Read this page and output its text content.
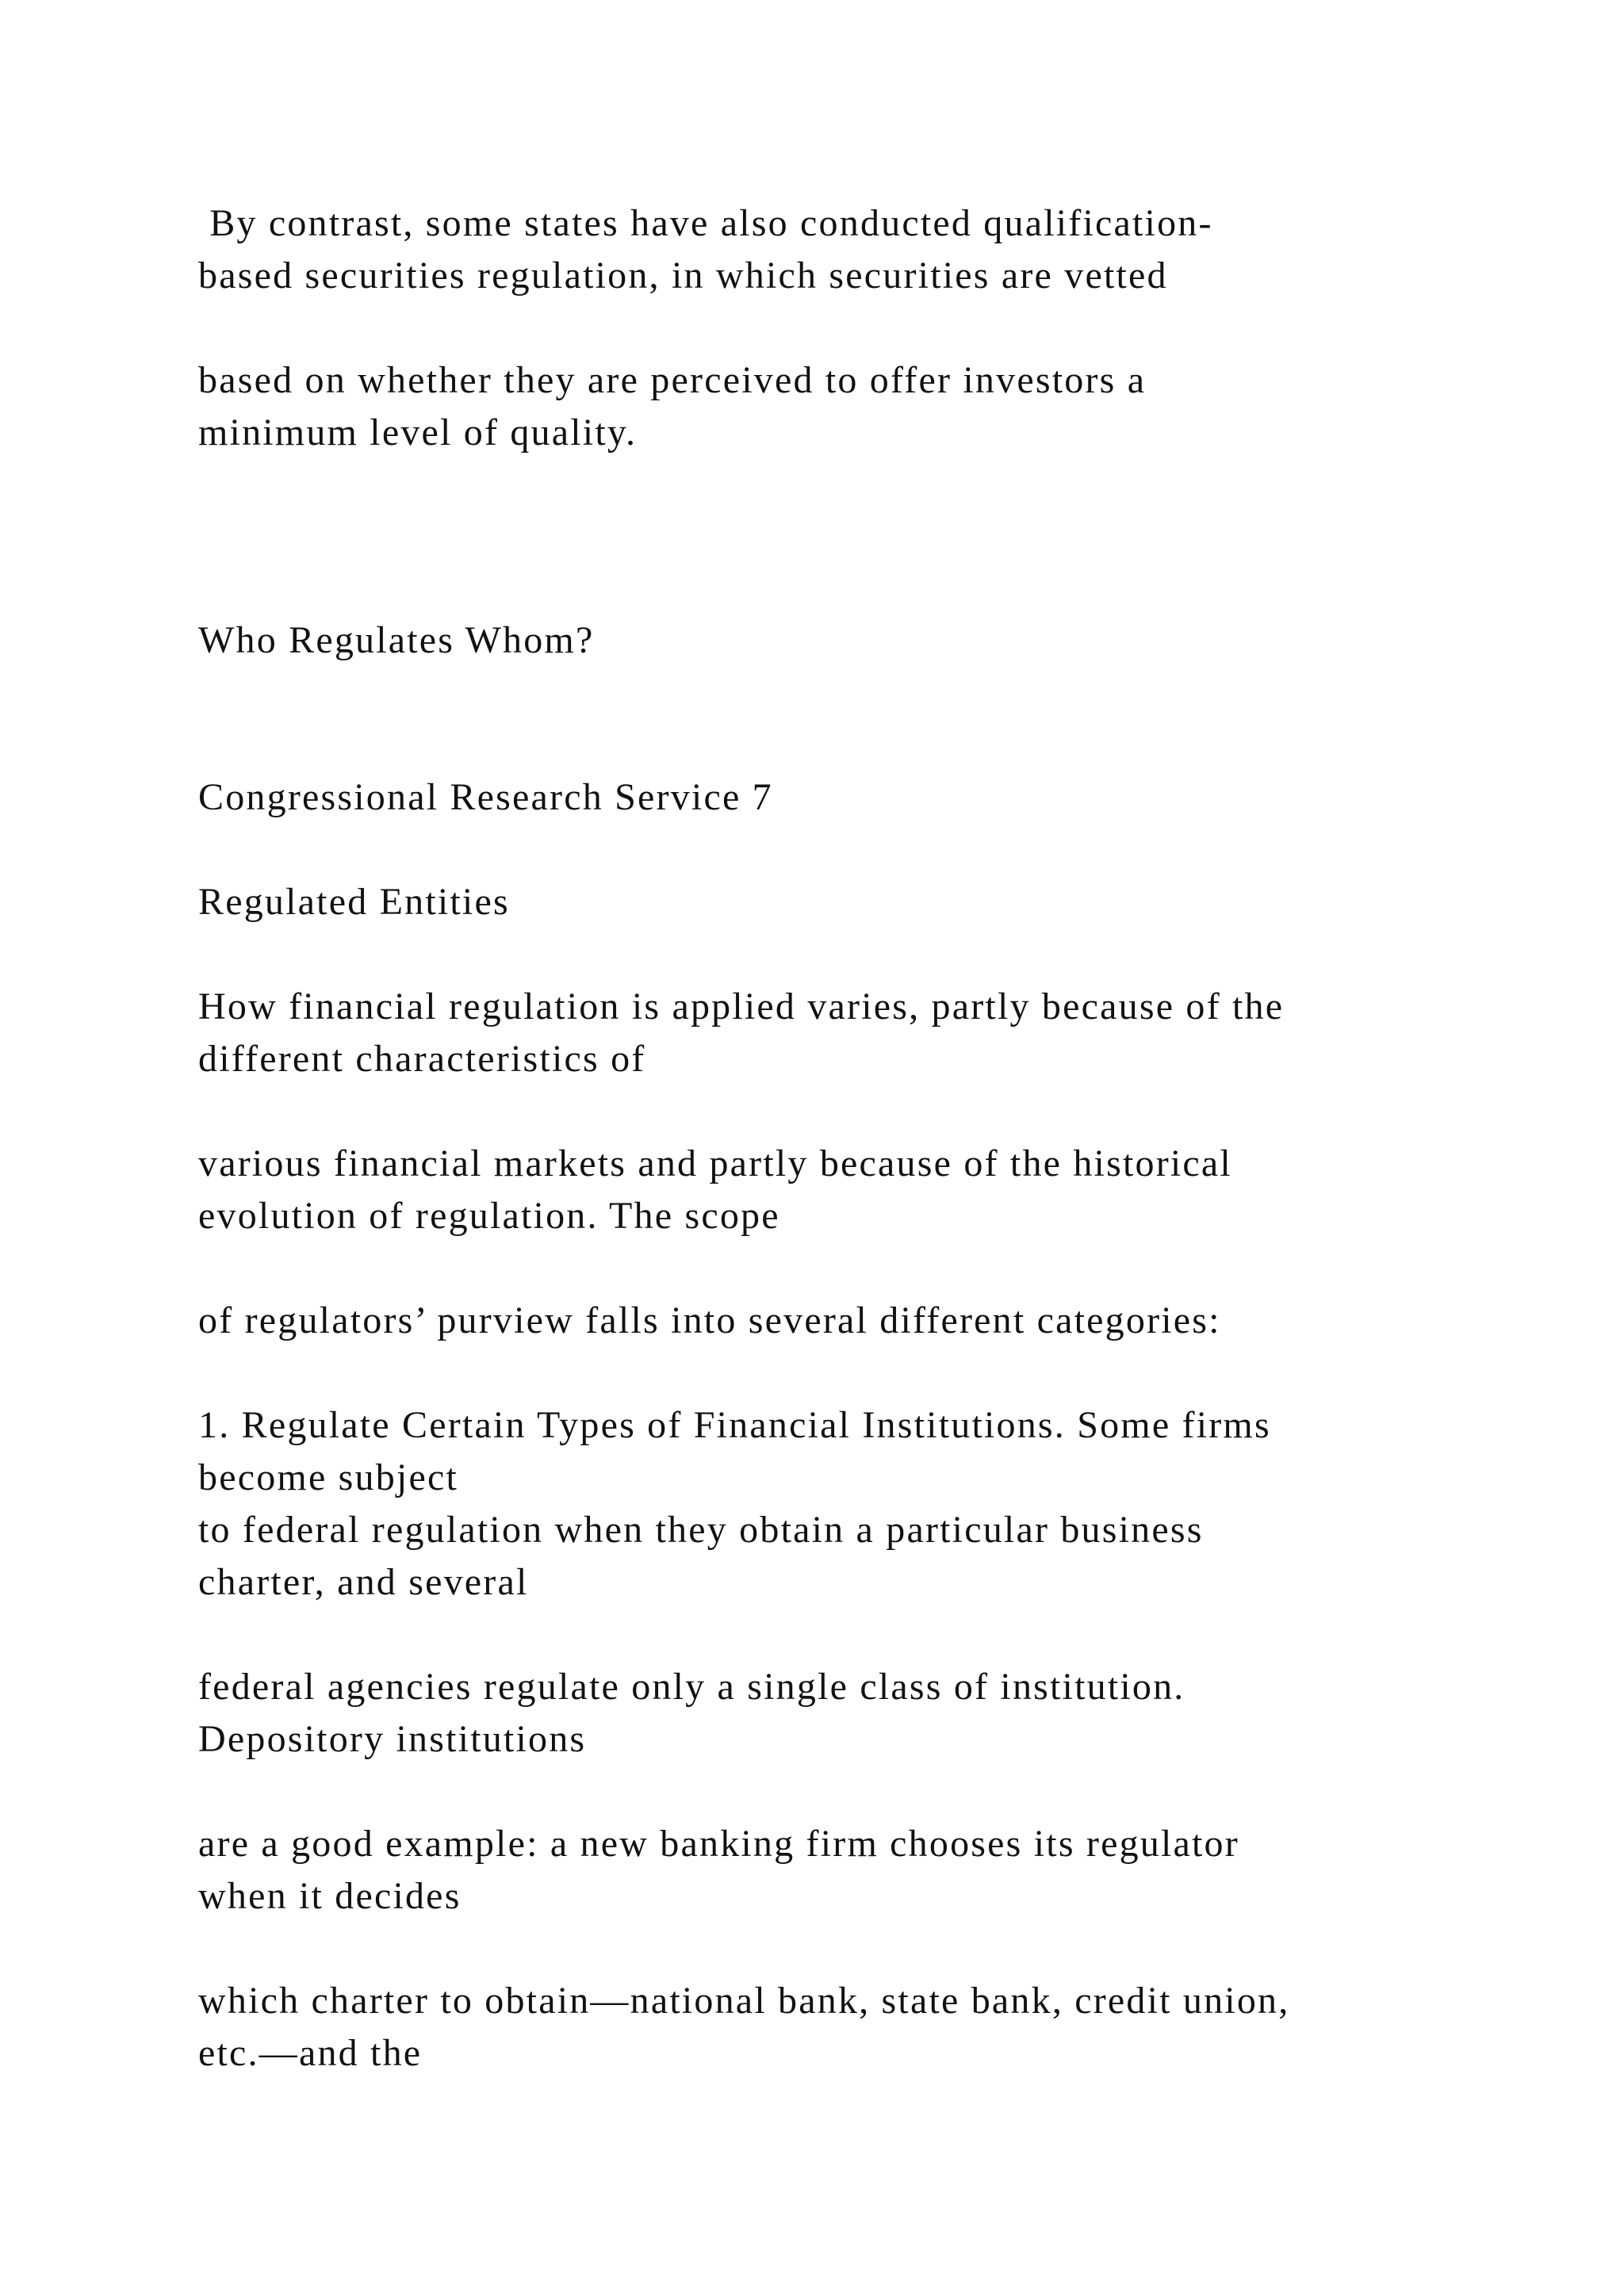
By contrast, some states have also conducted qualification-

based securities regulation, in which securities are vetted

based on whether they are perceived to offer investors a

minimum level of quality.

Who Regulates Whom?

Congressional Research Service 7

Regulated Entities

How financial regulation is applied varies, partly because of the

different characteristics of

various financial markets and partly because of the historical

evolution of regulation. The scope

of regulators’ purview falls into several different categories:

1. Regulate Certain Types of Financial Institutions. Some firms

become subject

to federal regulation when they obtain a particular business

charter, and several

federal agencies regulate only a single class of institution.

Depository institutions

are a good example: a new banking firm chooses its regulator

when it decides

which charter to obtain—national bank, state bank, credit union,

etc.—and the
